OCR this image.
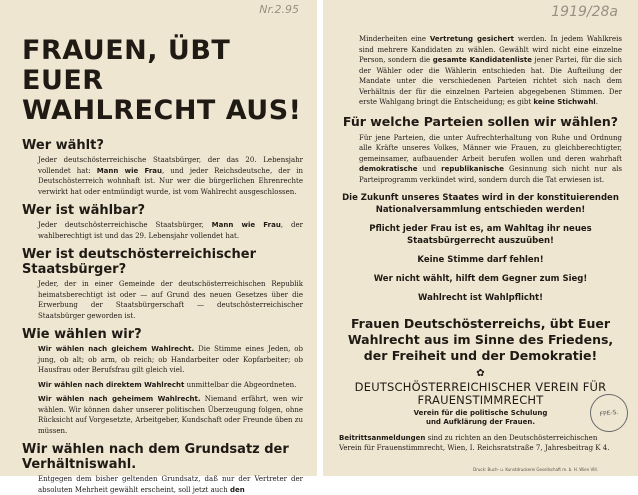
Nr.2.95
FRAUEN, ÜBT EUER
WAHLRECHT AUS!
Wer wählt?
Jeder deutschösterreichische Staatsbürger, der das 20. Lebensjahr vollendet hat: Mann wie Frau, und jeder Reichsdeutsche, der in Deutschösterreich wohnhaft ist. Nur wer die bürgerlichen Ehrenrechte verwirkt hat oder entmündigt wurde, ist vom Wahlrecht ausgeschlossen.
Wer ist wählbar?
Jeder deutschösterreichische Staatsbürger, Mann wie Frau, der wahlberechtigt ist und das 29. Lebensjahr vollendet hat.
Wer ist deutschösterreichischer Staatsbürger?
Jeder, der in einer Gemeinde der deutschösterreichischen Republik heimatsberechtigt ist oder — auf Grund des neuen Gesetzes über die Erwerbung der Staatsbürgerschaft — deutschösterreichischer Staatsbürger geworden ist.
Wie wählen wir?
Wir wählen nach gleichem Wahlrecht. Die Stimme eines Jeden, ob jung, ob alt; ob arm, ob reich; ob Handarbeiter oder Kopfarbeiter; ob Hausfrau oder Berufsfrau gilt gleich viel.
Wir wählen nach direktem Wahlrecht unmittelbar die Abgeordneten.
Wir wählen nach geheimem Wahlrecht. Niemand erfährt, wen wir wählen. Wir können daher unserer politischen Überzeugung folgen, ohne Rücksicht auf Vorgesetzte, Arbeitgeber, Kundschaft oder Freunde üben zu müssen.
Wir wählen nach dem Grundsatz der Verhältniswahl.
Entgegen dem bisher geltenden Grundsatz, daß nur der Vertreter der absoluten Mehrheit gewählt erscheint, soll jetzt auch den
1919/28a
Minderheiten eine Vertretung gesichert werden. In jedem Wahlkreis sind mehrere Kandidaten zu wählen. Gewählt wird nicht eine einzelne Person, sondern die gesamte Kandidatenliste jener Partei, für die sich der Wähler oder die Wählerin entschieden hat. Die Aufteilung der Mandate unter die verschiedenen Parteien richtet sich nach dem Verhältnis der für die einzelnen Parteien abgegebenen Stimmen. Der erste Wahlgang bringt die Entscheidung; es gibt keine Stichwahl.
Für welche Parteien sollen wir wählen?
Für jene Parteien, die unter Aufrechterhaltung von Ruhe und Ordnung alle Kräfte unseres Volkes, Männer wie Frauen, zu gleichberechtigter, gemeinsamer, aufbauender Arbeit berufen wollen und deren wahrhaft demokratische und republikanische Gesinnung sich nicht nur als Parteiprogramm verkündet wird, sondern durch die Tat erwiesen ist.
Die Zukunft unseres Staates wird in der konstituierenden Nationalversammlung entschieden werden!
Pflicht jeder Frau ist es, am Wahltag ihr neues Staatsbürgerrecht auszuüben!
Keine Stimme darf fehlen!
Wer nicht wählt, hilft dem Gegner zum Sieg!
Wahlrecht ist Wahlpflicht!
Frauen Deutschösterreichs, übt Euer Wahlrecht aus im Sinne des Friedens, der Freiheit und der Demokratie!
✿
DEUTSCHÖSTERREICHISCHER VEREIN FÜR FRAUENSTIMMRECHT
Verein für die politische Schulung
und Aufklärung der Frauen.
Beitrittsanmeldungen sind zu richten an den Deutschösterreichischen Verein für Frauenstimmrecht, Wien, I. Reichsratstraße 7, Jahresbeitrag K 4.
FPE-S.
Druck: Buch- u. Kunstdruckerei Gesellschaft m. b. H. Wien VIII.
